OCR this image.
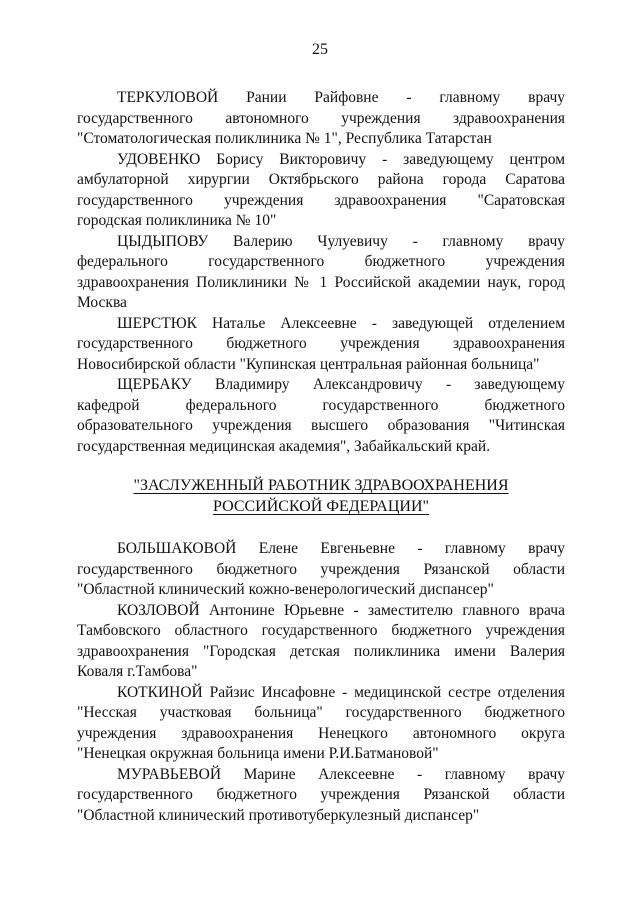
25
ТЕРКУЛОВОЙ Рании Райфовне - главному врачу
государственного автономного учреждения здравоохранения
"Стоматологическая поликлиника № 1", Республика Татарстан
УДОВЕНКО Борису Викторовичу - заведующему центром
амбулаторной хирургии Октябрьского района города Саратова
государственного учреждения здравоохранения "Саратовская
городская поликлиника № 10"
ЦЫДЫПОВУ Валерию Чулуевичу - главному врачу
федерального государственного бюджетного учреждения
здравоохранения Поликлиники № 1 Российской академии наук, город
Москва
ШЕРСТЮК Наталье Алексеевне - заведующей отделением
государственного бюджетного учреждения здравоохранения
Новосибирской области "Купинская центральная районная больница"
ЩЕРБАКУ Владимиру Александровичу - заведующему
кафедрой федерального государственного бюджетного
образовательного учреждения высшего образования "Читинская
государственная медицинская академия", Забайкальский край.

"ЗАСЛУЖЕННЫЙ РАБОТНИК ЗДРАВООХРАНЕНИЯ

РОССИЙСКОЙ ФЕДЕРАЦИИ"

БОЛЬШАКОВОЙ Елене Евгеньевне - главному врачу
государственного бюджетного учреждения Рязанской области
"Областной клинический кожно-венерологический диспансер"
КОЗЛОВОЙ Антонине Юрьевне - заместителю главного врача
Тамбовского областного государственного бюджетного учреждения
здравоохранения "Городская детская поликлиника имени Валерия
Коваля г.Тамбова"
КОТКИНОЙ Райзис Инсафовне - медицинской сестре отделения
"Несская участковая больница" государственного бюджетного
учреждения здравоохранения Ненецкого автономного округа
"Ненецкая окружная больница имени Р.И.Батмановой"
МУРАВЬЕВОЙ Марине Алексеевне - главному врачу
государственного бюджетного учреждения Рязанской области
"Областной клинический противотуберкулезный диспансер"
